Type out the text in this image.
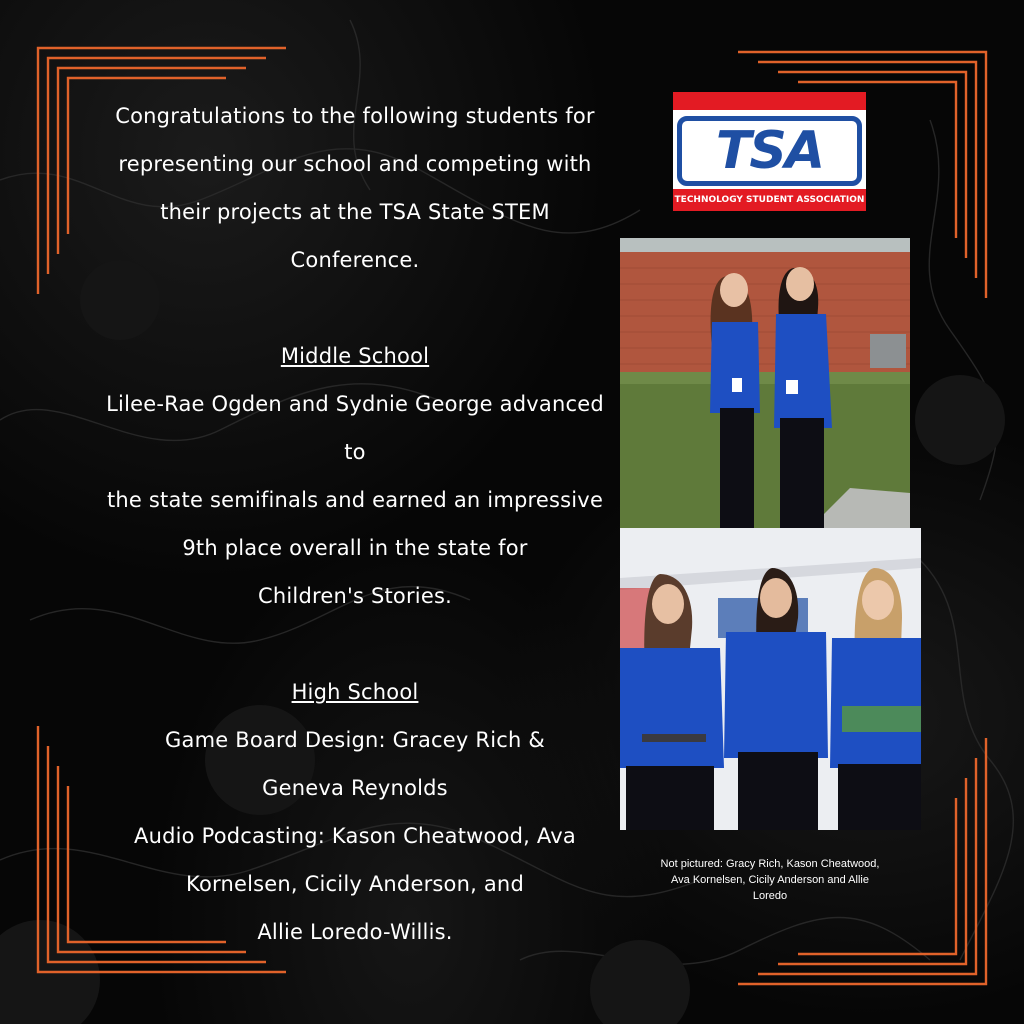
Congratulations to the following students for

representing our school and competing with

their projects at the TSA State STEM

Conference.

Middle School

Lilee-Rae Ogden and Sydnie George advanced to

the state semifinals and earned an impressive

9th place overall in the state for

Children's Stories.

High School

Game Board Design: Gracey Rich &

Geneva Reynolds

Audio Podcasting: Kason Cheatwood, Ava

Kornelsen, Cicily Anderson, and

Allie Loredo-Willis.

TSA
TECHNOLOGY STUDENT ASSOCIATION
Not pictured: Gracy Rich, Kason Cheatwood,
Ava Kornelsen, Cicily Anderson and Allie
Loredo
